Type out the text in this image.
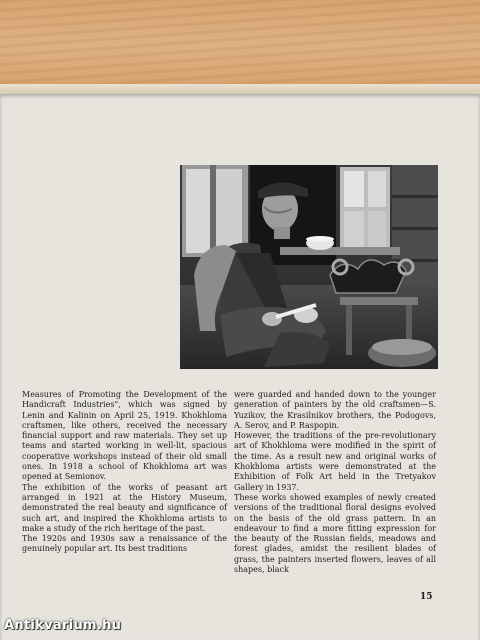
Measures of Promoting the Development of the Handicraft Industries", which was signed by Lenin and Kalinin on April 25, 1919. Khokhloma craftsmen, like others, received the necessary financial support and raw materials. They set up teams and started working in well-lit, spacious cooperative workshops instead of their old small ones. In 1918 a school of Khokhloma art was opened at Semionov.

The exhibition of the works of peasant art arranged in 1921 at the History Museum, demonstrated the real beauty and significance of such art, and inspired the Khokhloma artists to make a study of the rich heritage of the past.

The 1920s and 1930s saw a renaissance of the genuinely popular art. Its best traditions

were guarded and handed down to the younger generation of painters by the old craftsmen—S. Yuzikov, the Krasilnikov brothers, the Podogovs, A. Serov, and P. Raspopin.

However, the traditions of the pre-revolutionary art of Khokhloma were modified in the spirit of the time. As a result new and original works of Khokhloma artists were demonstrated at the Exhibition of Folk Art held in the Tretyakov Gallery in 1937.

These works showed examples of newly created versions of the traditional floral designs evolved on the basis of the old grass pattern. In an endeavour to find a more fitting expression for the beauty of the Russian fields, meadows and forest glades, amidst the resilient blades of grass, the painters inserted flowers, leaves of all shapes, black

15
Antikvarium.hu
